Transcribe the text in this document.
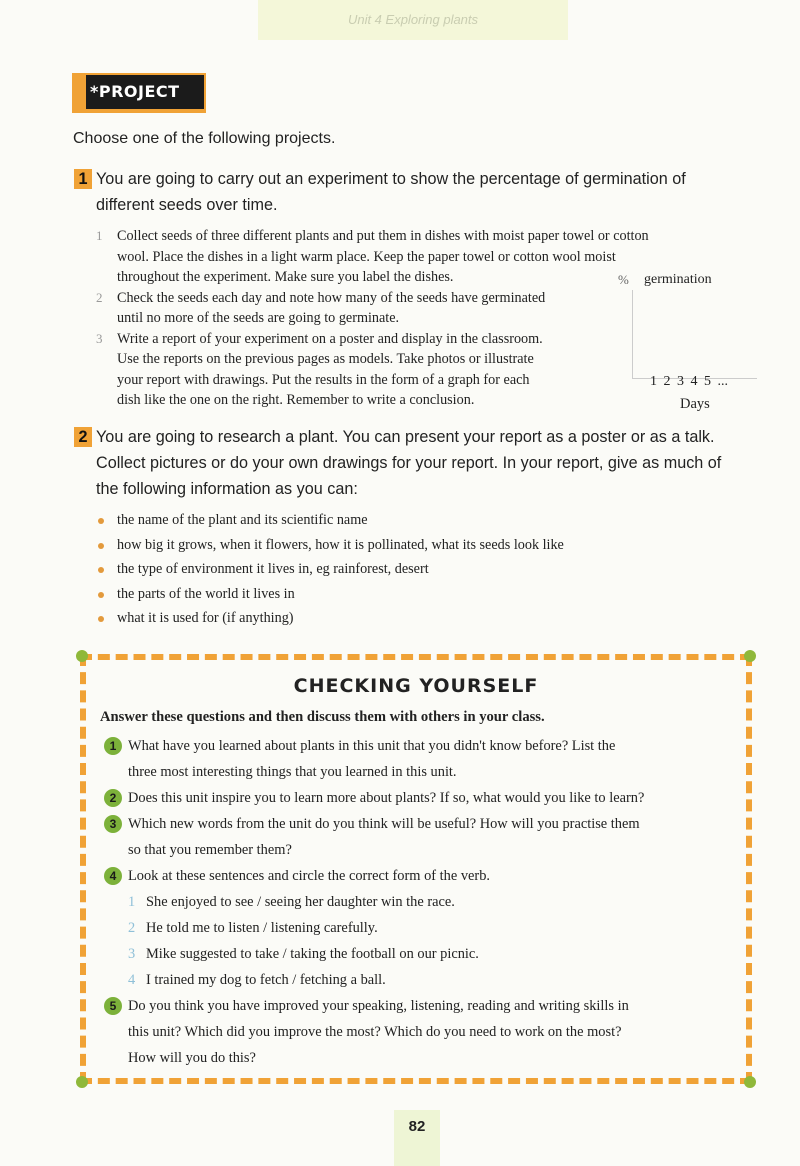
Unit 4 Exploring plants
*PROJECT
Choose one of the following projects.
1 You are going to carry out an experiment to show the percentage of germination of
different seeds over time.
1 Collect seeds of three different plants and put them in dishes with moist paper towel or cotton
wool. Place the dishes in a light warm place. Keep the paper towel or cotton wool moist
throughout the experiment. Make sure you label the dishes.
2 Check the seeds each day and note how many of the seeds have germinated
until no more of the seeds are going to germinate.
3 Write a report of your experiment on a poster and display in the classroom.
Use the reports on the previous pages as models. Take photos or illustrate
your report with drawings. Put the results in the form of a graph for each
dish like the one on the right. Remember to write a conclusion.
% germination
1 2 3 4 5 ...
Days
2 You are going to research a plant. You can present your report as a poster or as a talk.
Collect pictures or do your own drawings for your report. In your report, give as much of
the following information as you can:
the name of the plant and its scientific name
how big it grows, when it flowers, how it is pollinated, what its seeds look like
the type of environment it lives in, eg rainforest, desert
the parts of the world it lives in
what it is used for (if anything)
CHECKING YOURSELF
Answer these questions and then discuss them with others in your class.
1 What have you learned about plants in this unit that you didn't know before? List the
three most interesting things that you learned in this unit.
2 Does this unit inspire you to learn more about plants? If so, what would you like to learn?
3 Which new words from the unit do you think will be useful? How will you practise them
so that you remember them?
4 Look at these sentences and circle the correct form of the verb.
1 She enjoyed to see / seeing her daughter win the race.
2 He told me to listen / listening carefully.
3 Mike suggested to take / taking the football on our picnic.
4 I trained my dog to fetch / fetching a ball.
5 Do you think you have improved your speaking, listening, reading and writing skills in
this unit? Which did you improve the most? Which do you need to work on the most?
How will you do this?
82
